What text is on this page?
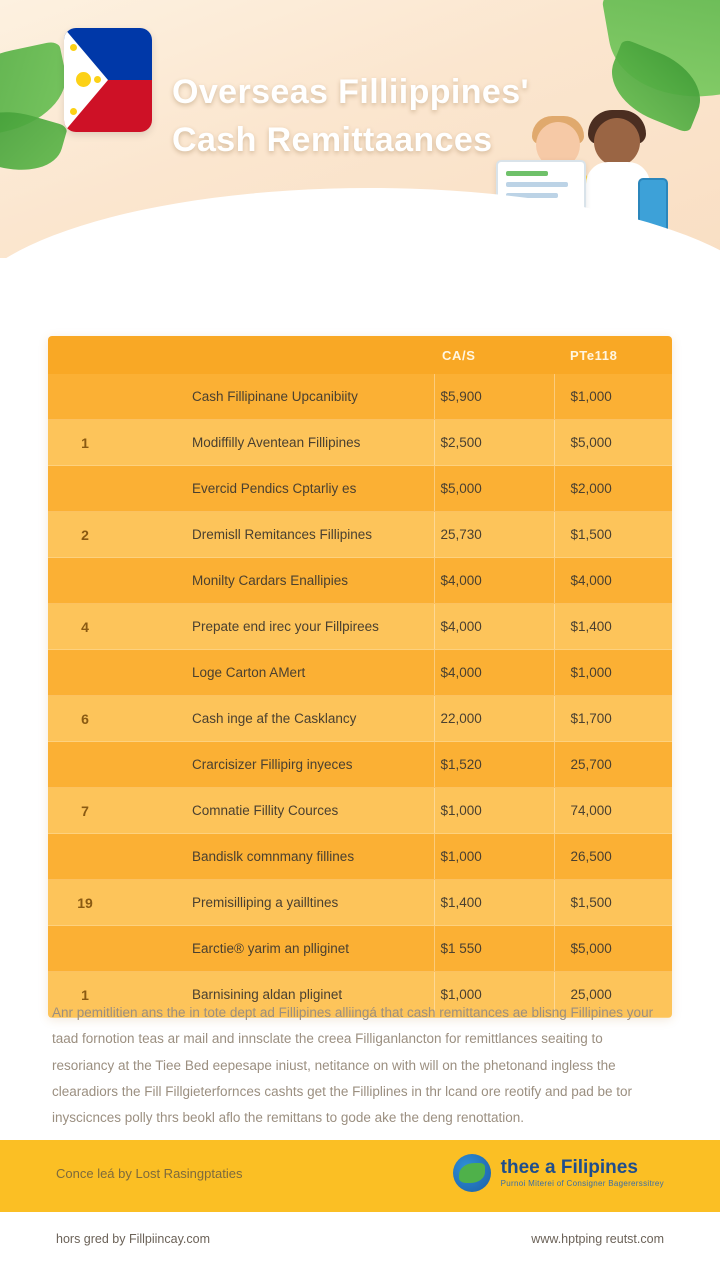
Overseas Filliippines'
Cash Remittaances
		CA/S	PTe118
	Cash Fillipinane Upcanibiity	$5,900	$1,000
1	Modiffilly Aventean Fillipines	$2,500	$5,000
	Evercid Pendics Cptarliy es	$5,000	$2,000
2	Dremisll Remitances Fillipines	25,730	$1,500
	Monilty Cardars Enallipies	$4,000	$4,000
4	Prepate end irec your Fillpirees	$4,000	$1,400
	Loge Carton AMert	$4,000	$1,000
6	Cash inge af the Casklancy	22,000	$1,700
	Crarcisizer Fillipirg inyeces	$1,520	25,700
7	Comnatie Fillity Cources	$1,000	74,000
	Bandislk comnmany fillines	$1,000	26,500
19	Premisilliping a yailltines	$1,400	$1,500
	Earctie® yarim an plliginet	$1 550	$5,000
1	Barnisining aldan pliginet	$1,000	25,000
Anr pemitlitien ans the in tote dept ad Fillipines alliingá that cash remittances ae blisng Fillipines your taad fornotion teas ar mail and innsclate the creea Filliganlancton for remittlances seaiting to resoriancy at the Tiee Bed eepesape iniust, netitance on with will on the phetonand ingless the clearadiors the Fill Fillgieterfornces cashts get the Filliplines in thr lcand ore reotify and pad be tor inyscicnces polly thrs beokl aflo the remittans to gode ake the deng renottation.
Conce leá by Lost Rasingptaties	thee a Filipines
Purnoi Miterei of Consigner Bagererssitrey
hors gred by Fillpiincay.com	www.hptping reutst.com
